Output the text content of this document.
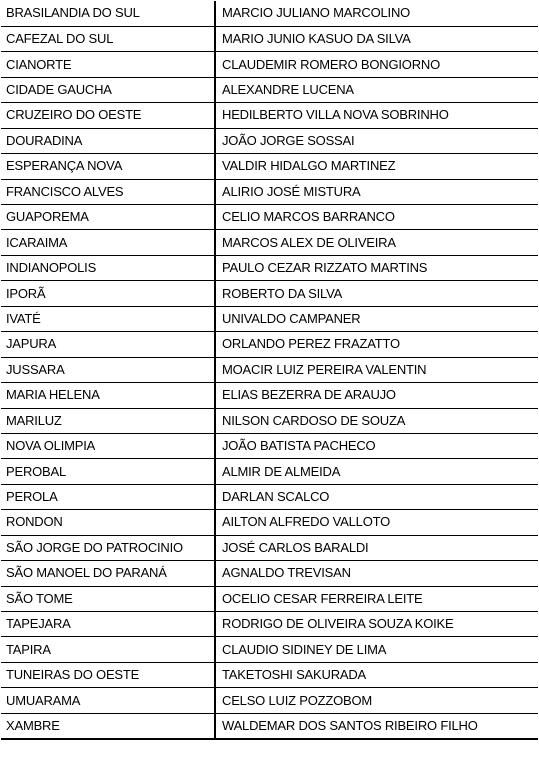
BRASILANDIA DO SUL	MARCIO JULIANO MARCOLINO
CAFEZAL DO SUL	MARIO JUNIO KASUO DA SILVA
CIANORTE	CLAUDEMIR ROMERO BONGIORNO
CIDADE GAUCHA	ALEXANDRE LUCENA
CRUZEIRO DO OESTE	HEDILBERTO VILLA NOVA SOBRINHO
DOURADINA	JOÃO JORGE SOSSAI
ESPERANÇA NOVA	VALDIR HIDALGO MARTINEZ
FRANCISCO ALVES	ALIRIO JOSÉ MISTURA
GUAPOREMA	CELIO MARCOS BARRANCO
ICARAIMA	MARCOS ALEX DE OLIVEIRA
INDIANOPOLIS	PAULO CEZAR RIZZATO MARTINS
IPORÃ	ROBERTO DA SILVA
IVATÉ	UNIVALDO CAMPANER
JAPURA	ORLANDO PEREZ FRAZATTO
JUSSARA	MOACIR LUIZ PEREIRA VALENTIN
MARIA HELENA	ELIAS BEZERRA DE ARAUJO
MARILUZ	NILSON CARDOSO DE SOUZA
NOVA OLIMPIA	JOÃO BATISTA PACHECO
PEROBAL	ALMIR DE ALMEIDA
PEROLA	DARLAN SCALCO
RONDON	AILTON ALFREDO VALLOTO
SÃO JORGE DO PATROCINIO	JOSÉ CARLOS BARALDI
SÃO MANOEL DO PARANÁ	AGNALDO TREVISAN
SÃO TOME	OCELIO CESAR FERREIRA LEITE
TAPEJARA	RODRIGO DE OLIVEIRA SOUZA KOIKE
TAPIRA	CLAUDIO SIDINEY DE LIMA
TUNEIRAS DO OESTE	TAKETOSHI SAKURADA
UMUARAMA	CELSO LUIZ POZZOBOM
XAMBRE	WALDEMAR DOS SANTOS RIBEIRO FILHO
